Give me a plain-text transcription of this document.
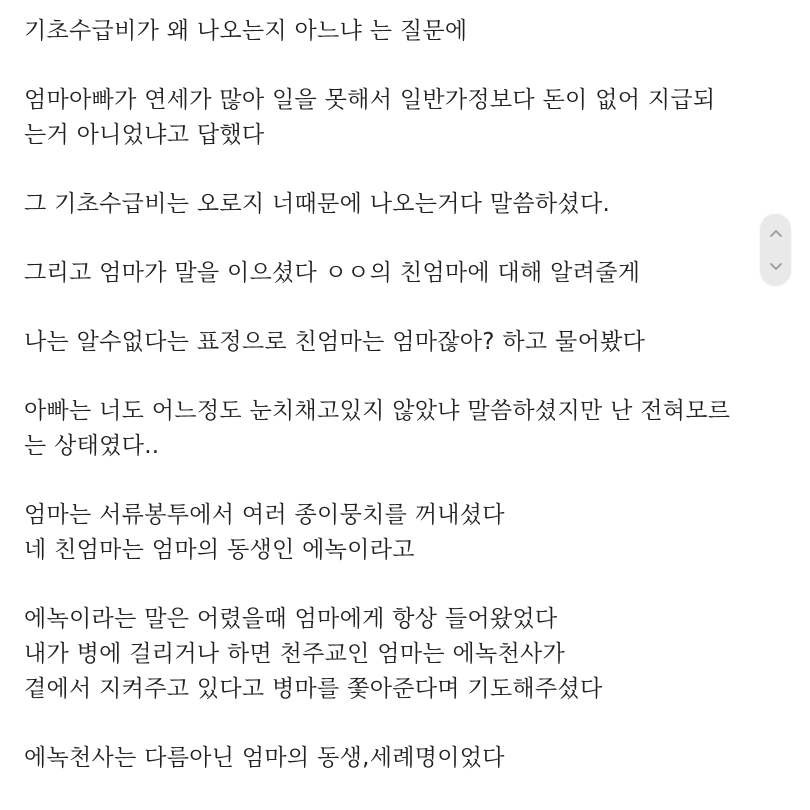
기초수급비가 왜 나오는지 아느냐 는 질문에
엄마아빠가 연세가 많아 일을 못해서 일반가정보다 돈이 없어 지급되
는거 아니었냐고 답했다
그 기초수급비는 오로지 너때문에 나오는거다 말씀하셨다.
그리고 엄마가 말을 이으셨다 ㅇㅇ의 친엄마에 대해 알려줄게
나는 알수없다는 표정으로 친엄마는 엄마잖아? 하고 물어봤다
아빠는 너도 어느정도 눈치채고있지 않았냐 말씀하셨지만 난 전혀모르
는 상태였다..
엄마는 서류봉투에서 여러 종이뭉치를 꺼내셨다
네 친엄마는 엄마의 동생인 에녹이라고
에녹이라는 말은 어렸을때 엄마에게 항상 들어왔었다
내가 병에 걸리거나 하면 천주교인 엄마는 에녹천사가
곁에서 지켜주고 있다고 병마를 쫓아준다며 기도해주셨다
에녹천사는 다름아닌 엄마의 동생,세례명이었다
